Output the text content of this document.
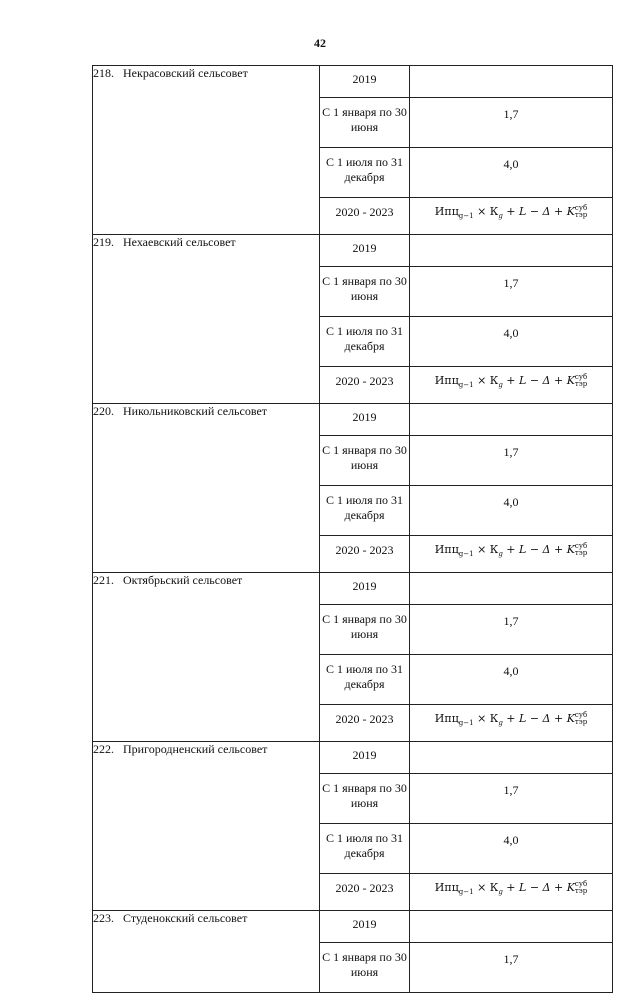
42
218. Некрасовский сельсовет	2019	
	С 1 января по 30 июня	1,7
	С 1 июля по 31 декабря	4,0
	2020 - 2023	$Ипц_{g-1} \times К_g + L - \Delta + K$ суб
тэр

219. Нехаевский сельсовет	2019	
	С 1 января по 30 июня	1,7
	С 1 июля по 31 декабря	4,0
	2020 - 2023	$Ипц_{g-1} \times К_g + L - \Delta + K$ суб
тэр

220. Никольниковский сельсовет	2019	
	С 1 января по 30 июня	1,7
	С 1 июля по 31 декабря	4,0
	2020 - 2023	$Ипц_{g-1} \times К_g + L - \Delta + K$ суб
тэр

221. Октябрьский сельсовет	2019	
	С 1 января по 30 июня	1,7
	С 1 июля по 31 декабря	4,0
	2020 - 2023	$Ипц_{g-1} \times К_g + L - \Delta + K$ суб
тэр

222. Пригородненский сельсовет	2019	
	С 1 января по 30 июня	1,7
	С 1 июля по 31 декабря	4,0
	2020 - 2023	$Ипц_{g-1} \times К_g + L - \Delta + K$ суб
тэр

223. Студенокский сельсовет	2019	
	С 1 января по 30 июня	1,7
